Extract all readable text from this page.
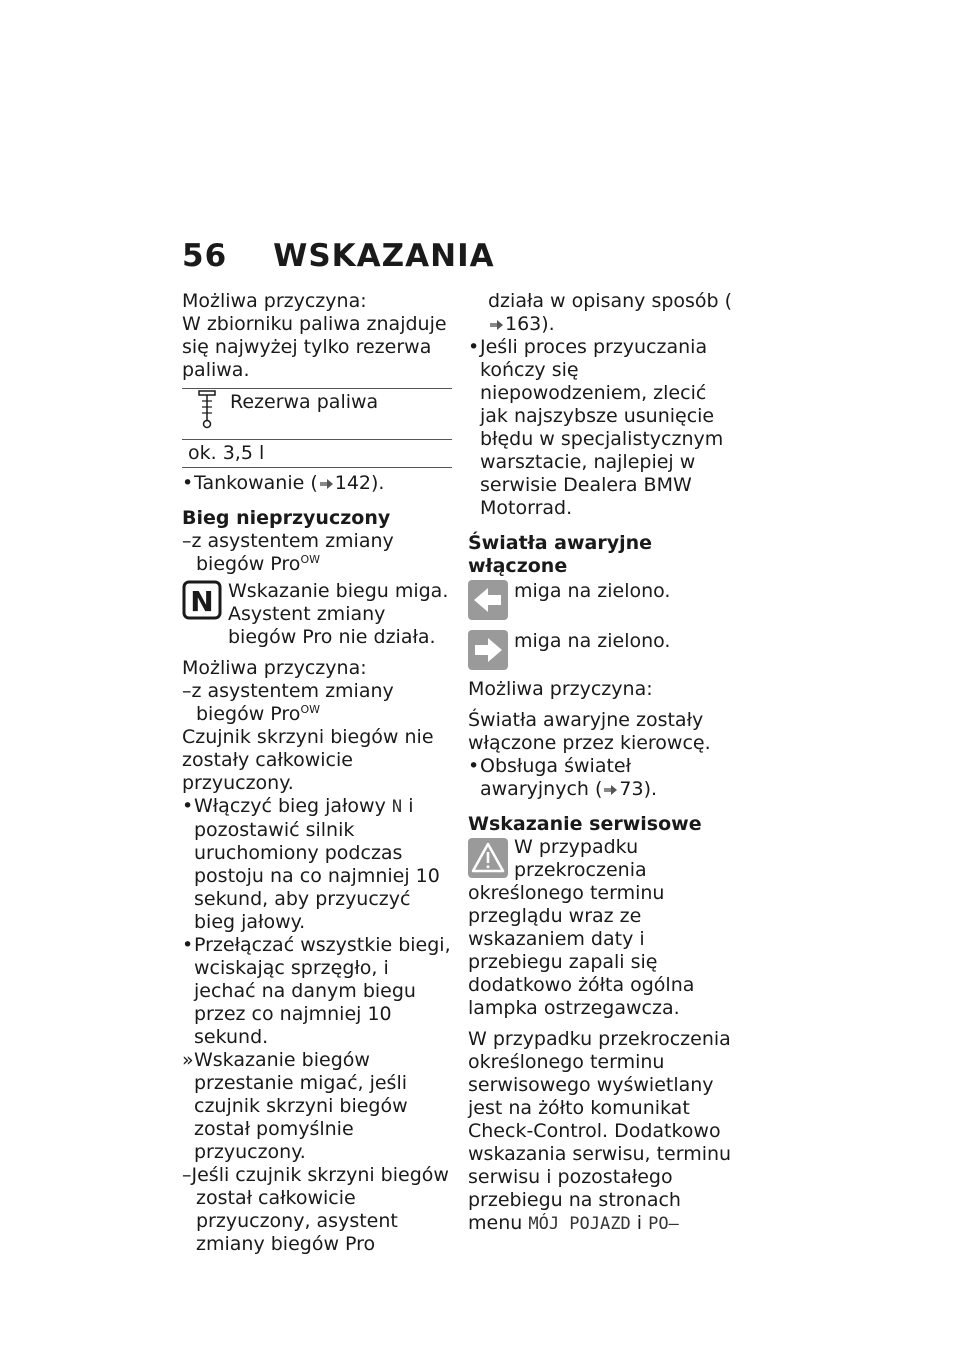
56 WSKAZANIA

Możliwa przyczyna:

W zbiorniku paliwa znajduje się najwyżej tylko rezerwa paliwa.

Rezerwa paliwa
ok. 3,5 l

•Tankowanie ( 142).

Bieg nieprzyuczony

–z asystentem zmiany biegów Pro$^{OW}$

N Wskazanie biegu miga. Asystent zmiany biegów Pro nie działa.

Możliwa przyczyna:

–z asystentem zmiany biegów Pro$^{OW}$

Czujnik skrzyni biegów nie zostały całkowicie przyuczony.

•Włączyć bieg jałowy N i pozostawić silnik uruchomiony podczas postoju na co najmniej 10 sekund, aby przyuczyć bieg jałowy.

•Przełączać wszystkie biegi, wciskając sprzęgło, i jechać na danym biegu przez co najmniej 10 sekund.

»Wskazanie biegów przestanie migać, jeśli czujnik skrzyni biegów został pomyślnie przyuczony.

–Jeśli czujnik skrzyni biegów został całkowicie przyuczony, asystent zmiany biegów Pro

działa w opisany sposób (163).

•Jeśli proces przyuczania kończy się niepowodzeniem, zlecić jak najszybsze usunięcie błędu w specjalistycznym warsztacie, najlepiej w serwisie Dealera BMW Motorrad.

Światła awaryjne włączone

miga na zielono.
miga na zielono.

Możliwa przyczyna:

Światła awaryjne zostały włączone przez kierowcę.

•Obsługa świateł awaryjnych ( 73).

Wskazanie serwisowe

W przypadku przekroczenia określonego terminu przeglądu wraz ze wskazaniem daty i przebiegu zapali się dodatkowo żółta ogólna lampka ostrzegawcza.

W przypadku przekroczenia określonego terminu serwisowego wyświetlany jest na żółto komunikat Check-Control. Dodatkowo wskazania serwisu, terminu serwisu i pozostałego przebiegu na stronach menu MÓJ POJAZD i PO–
